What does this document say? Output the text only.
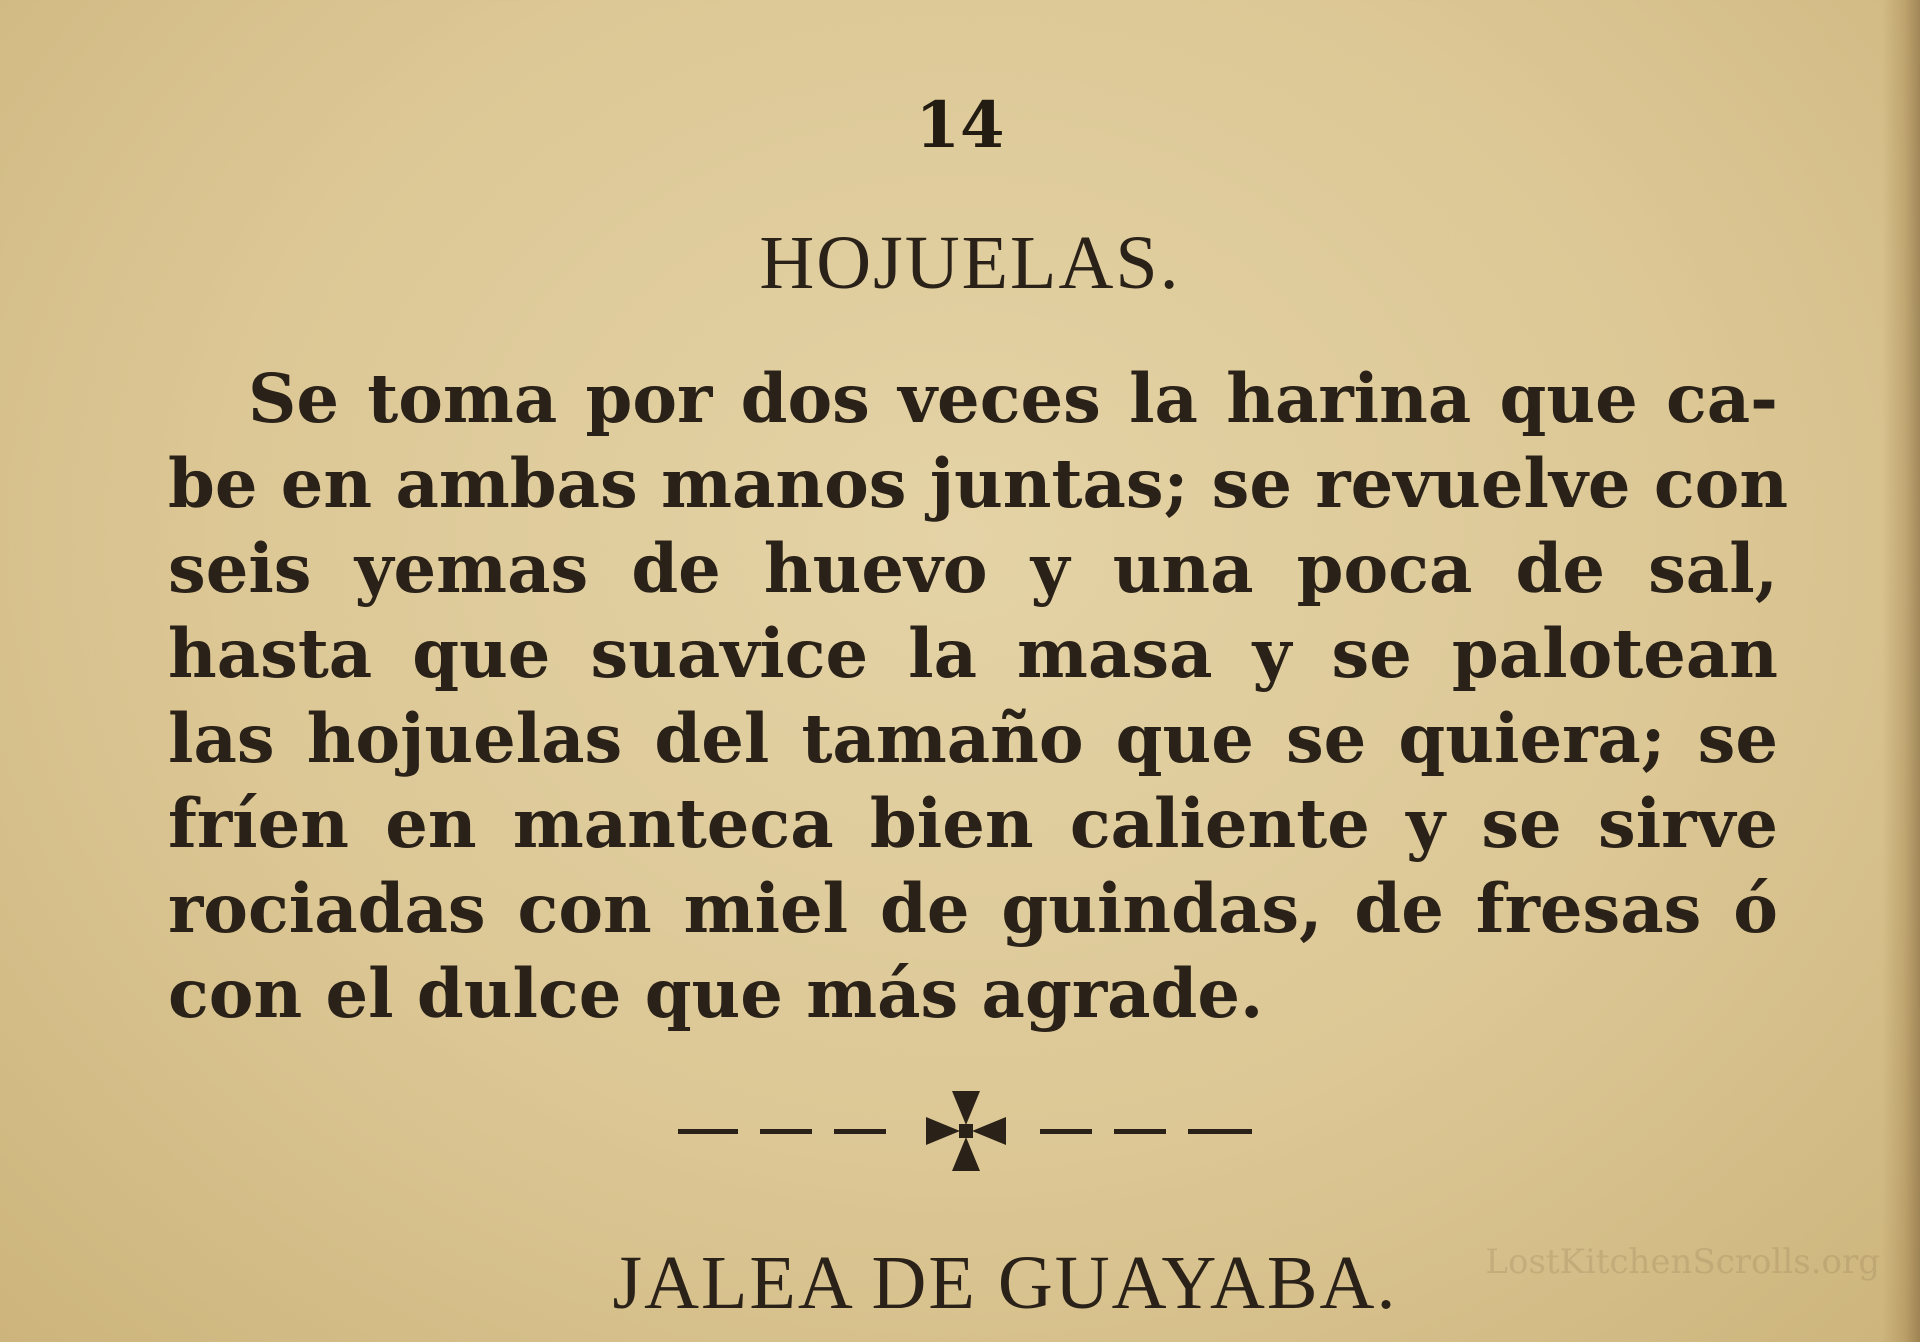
14
HOJUELAS.
Se toma por dos veces la harina que ca-
be en ambas manos juntas; se revuelve con
seis yemas de huevo y una poca de sal,
hasta que suavice la masa y se palotean
las hojuelas del tamaño que se quiera; se
fríen en manteca bien caliente y se sirve
rociadas con miel de guindas, de fresas ó
con el dulce que más agrade.
JALEA DE GUAYABA.	LostKitchenScrolls.org
